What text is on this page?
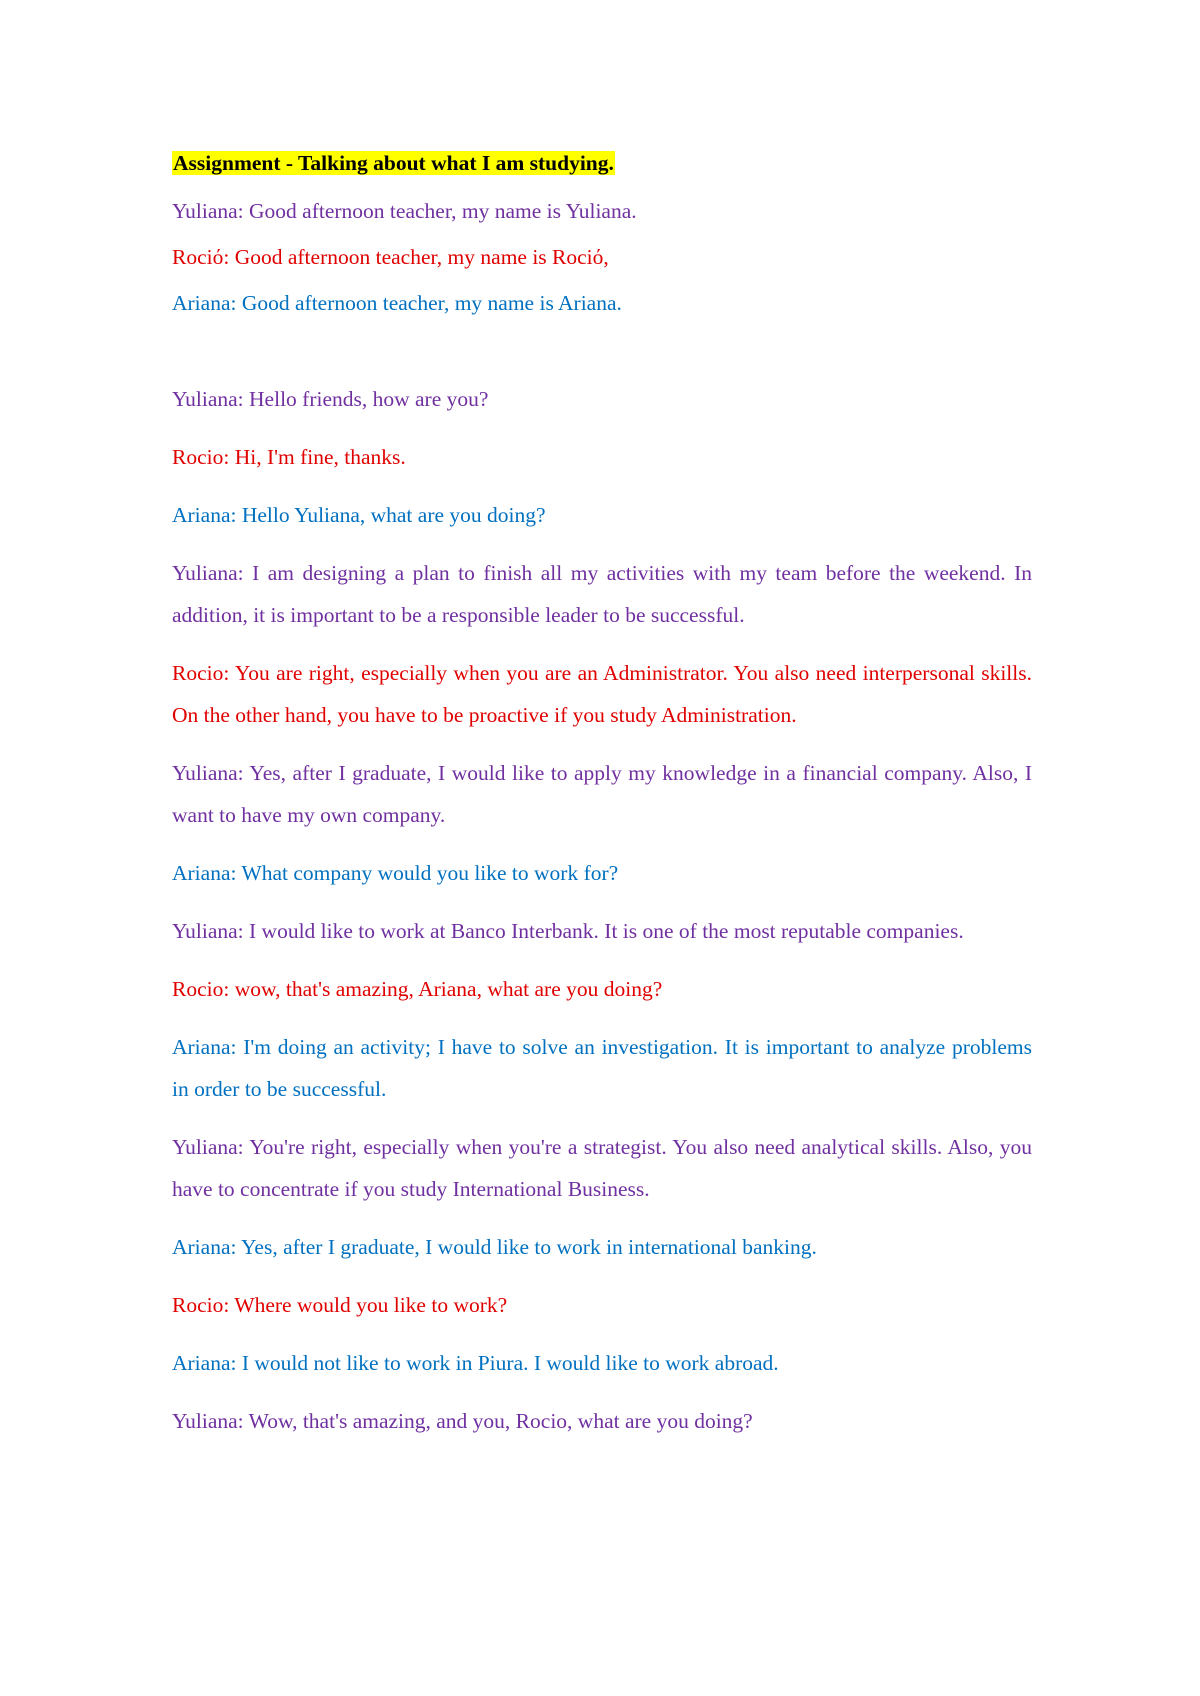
Assignment - Talking about what I am studying.

Yuliana: Good afternoon teacher, my name is Yuliana.

Rociό: Good afternoon teacher, my name is Rociό,

Ariana: Good afternoon teacher, my name is Ariana.

Yuliana: Hello friends, how are you?

Rocio: Hi, I'm fine, thanks.

Ariana: Hello Yuliana, what are you doing?

Yuliana: I am designing a plan to finish all my activities with my team before the weekend. In addition, it is important to be a responsible leader to be successful.

Rocio: You are right, especially when you are an Administrator. You also need interpersonal skills. On the other hand, you have to be proactive if you study Administration.

Yuliana: Yes, after I graduate, I would like to apply my knowledge in a financial company. Also, I want to have my own company.

Ariana: What company would you like to work for?

Yuliana: I would like to work at Banco Interbank. It is one of the most reputable companies.

Rocio: wow, that's amazing, Ariana, what are you doing?

Ariana: I'm doing an activity; I have to solve an investigation. It is important to analyze problems in order to be successful.

Yuliana: You're right, especially when you're a strategist. You also need analytical skills. Also, you have to concentrate if you study International Business.

Ariana: Yes, after I graduate, I would like to work in international banking.

Rocio: Where would you like to work?

Ariana: I would not like to work in Piura. I would like to work abroad.

Yuliana: Wow, that's amazing, and you, Rocio, what are you doing?
